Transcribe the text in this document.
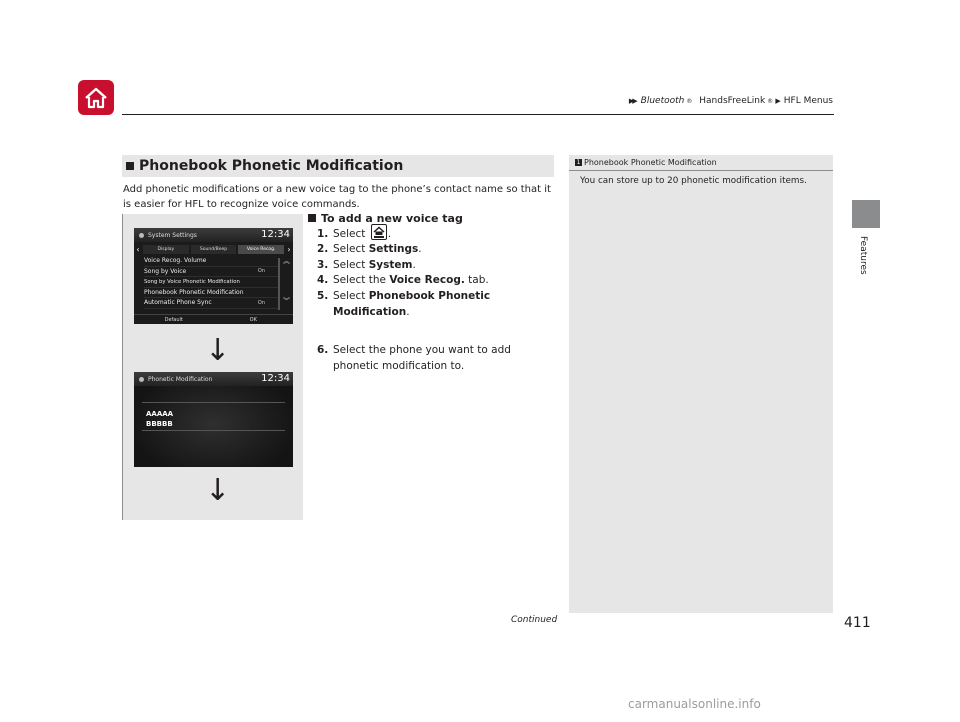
▶▶ Bluetooth ®
HandsFreeLink ® ▶ HFL Menus
Features
Phonebook Phonetic Modification
Add phonetic modifications or a new voice tag to the phone’s contact name so that it is easier for HFL to recognize voice commands.
System Settings	12:34
‹	Display	Sound/Beep	Voice Recog.	›
Voice Recog. Volume
Song by Voice	On
Song by Voice Phonetic Modification
Phonebook Phonetic Modification
Automatic Phone Sync	On
︽
︾
Default	OK
↓
Phonetic Modification	12:34
AAAAA
BBBBB
↓
To add a new voice tag
1. Select
.
2. Select Settings.
3. Select System.
4. Select the Voice Recog. tab.
5. Select Phonebook Phonetic
Modification.
6. Select the phone you want to add
phonetic modification to.
1 Phonebook Phonetic Modification
You can store up to 20 phonetic modification items.
Continued	411
carmanualsonline.info
